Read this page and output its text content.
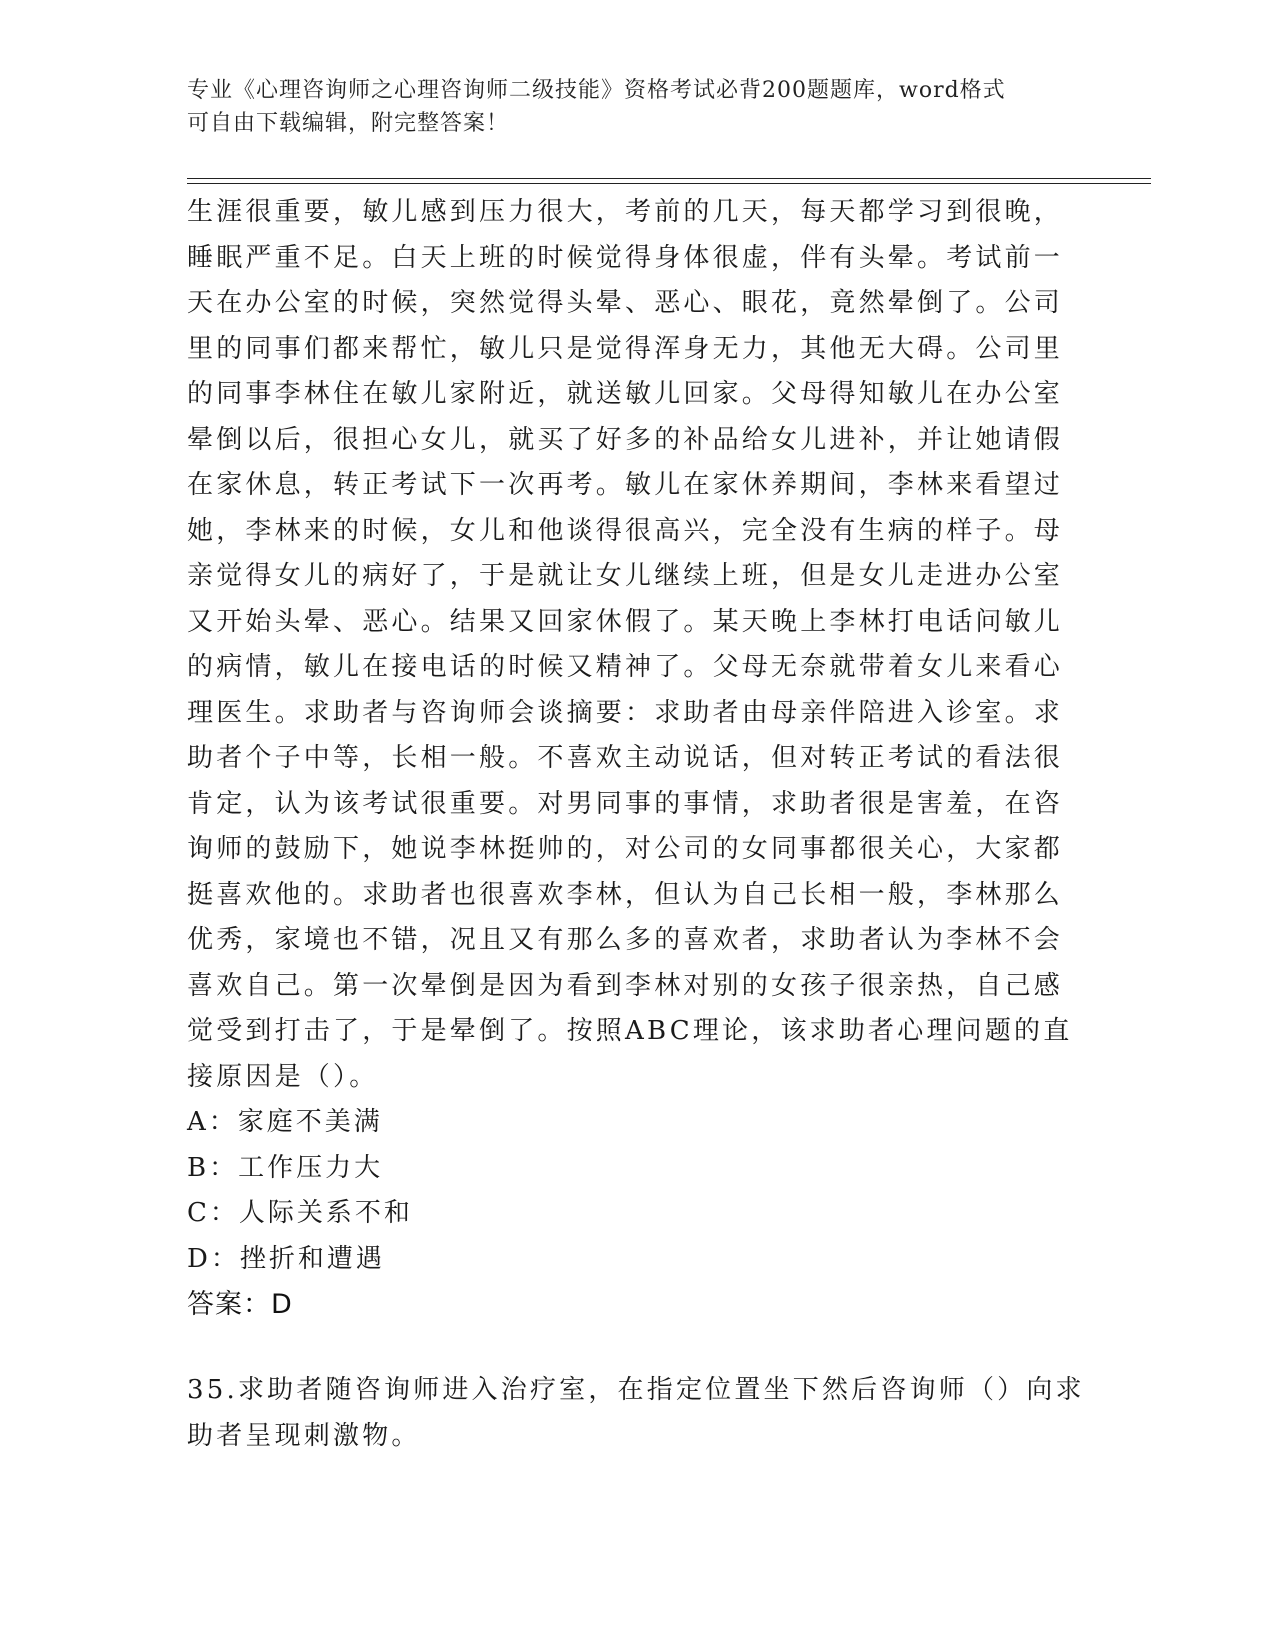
专业《心理咨询师之心理咨询师二级技能》资格考试必背200题题库，word格式
可自由下载编辑，附完整答案！
生涯很重要，敏儿感到压力很大，考前的几天，每天都学习到很晚，
睡眠严重不足。白天上班的时候觉得身体很虚，伴有头晕。考试前一
天在办公室的时候，突然觉得头晕、恶心、眼花，竟然晕倒了。公司
里的同事们都来帮忙，敏儿只是觉得浑身无力，其他无大碍。公司里
的同事李林住在敏儿家附近，就送敏儿回家。父母得知敏儿在办公室
晕倒以后，很担心女儿，就买了好多的补品给女儿进补，并让她请假
在家休息，转正考试下一次再考。敏儿在家休养期间，李林来看望过
她，李林来的时候，女儿和他谈得很高兴，完全没有生病的样子。母
亲觉得女儿的病好了，于是就让女儿继续上班，但是女儿走进办公室
又开始头晕、恶心。结果又回家休假了。某天晚上李林打电话问敏儿
的病情，敏儿在接电话的时候又精神了。父母无奈就带着女儿来看心
理医生。求助者与咨询师会谈摘要：求助者由母亲伴陪进入诊室。求
助者个子中等，长相一般。不喜欢主动说话，但对转正考试的看法很
肯定，认为该考试很重要。对男同事的事情，求助者很是害羞，在咨
询师的鼓励下，她说李林挺帅的，对公司的女同事都很关心，大家都
挺喜欢他的。求助者也很喜欢李林，但认为自己长相一般，李林那么
优秀，家境也不错，况且又有那么多的喜欢者，求助者认为李林不会
喜欢自己。第一次晕倒是因为看到李林对别的女孩子很亲热，自己感
觉受到打击了，于是晕倒了。按照ABC理论，该求助者心理问题的直
接原因是（）。
A：家庭不美满
B：工作压力大
C：人际关系不和
D：挫折和遭遇
答案：D
35.求助者随咨询师进入治疗室，在指定位置坐下然后咨询师（）向求
助者呈现刺激物。
